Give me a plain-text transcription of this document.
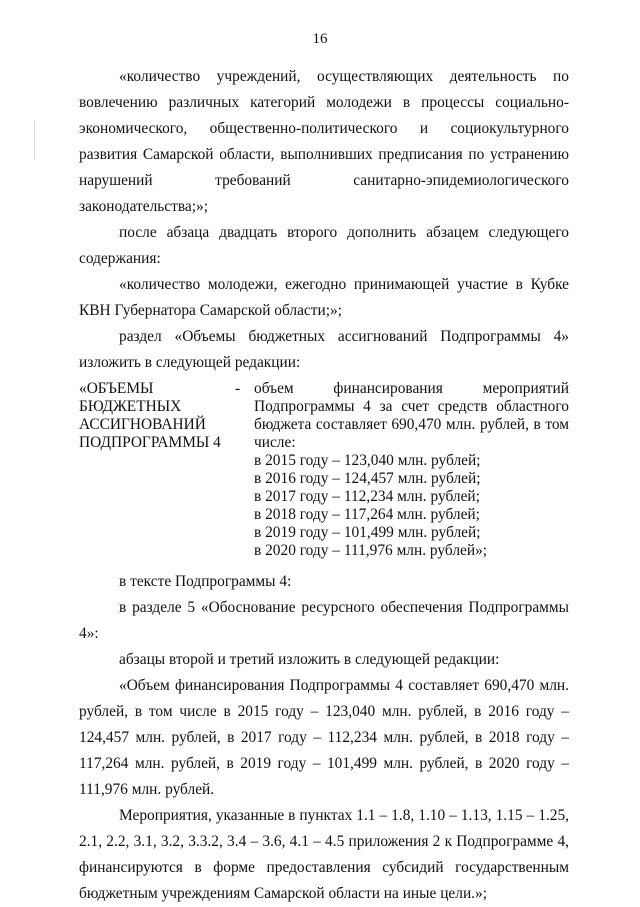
16

«количество учреждений, осуществляющих деятельность по вовлечению различных категорий молодежи в процессы социально-экономического, общественно-политического и социокультурного развития Самарской области, выполнивших предписания по устранению нарушений требований санитарно-эпидемиологического законодательства;»;

после абзаца двадцать второго дополнить абзацем следующего содержания:

«количество молодежи, ежегодно принимающей участие в Кубке КВН Губернатора Самарской области;»;

раздел «Объемы бюджетных ассигнований Подпрограммы 4» изложить в следующей редакции:

«ОБЪЕМЫ
БЮДЖЕТНЫХ
АССИГНОВАНИЙ
ПОДПРОГРАММЫ 4
- объем финансирования мероприятий
Подпрограммы 4 за счет средств областного
бюджета составляет 690,470 млн. рублей, в том
числе:
в 2015 году – 123,040 млн. рублей;
в 2016 году – 124,457 млн. рублей;
в 2017 году – 112,234 млн. рублей;
в 2018 году – 117,264 млн. рублей;
в 2019 году – 101,499 млн. рублей;
в 2020 году – 111,976 млн. рублей»;

в тексте Подпрограммы 4:

в разделе 5 «Обоснование ресурсного обеспечения Подпрограммы 4»:

абзацы второй и третий изложить в следующей редакции:

«Объем финансирования Подпрограммы 4 составляет 690,470 млн. рублей, в том числе в 2015 году – 123,040 млн. рублей, в 2016 году – 124,457 млн. рублей, в 2017 году – 112,234 млн. рублей, в 2018 году – 117,264 млн. рублей, в 2019 году – 101,499 млн. рублей, в 2020 году – 111,976 млн. рублей.

Мероприятия, указанные в пунктах 1.1 – 1.8, 1.10 – 1.13, 1.15 – 1.25, 2.1, 2.2, 3.1, 3.2, 3.3.2, 3.4 – 3.6, 4.1 – 4.5 приложения 2 к Подпрограмме 4, финансируются в форме предоставления субсидий государственным бюджетным учреждениям Самарской области на иные цели.»;
